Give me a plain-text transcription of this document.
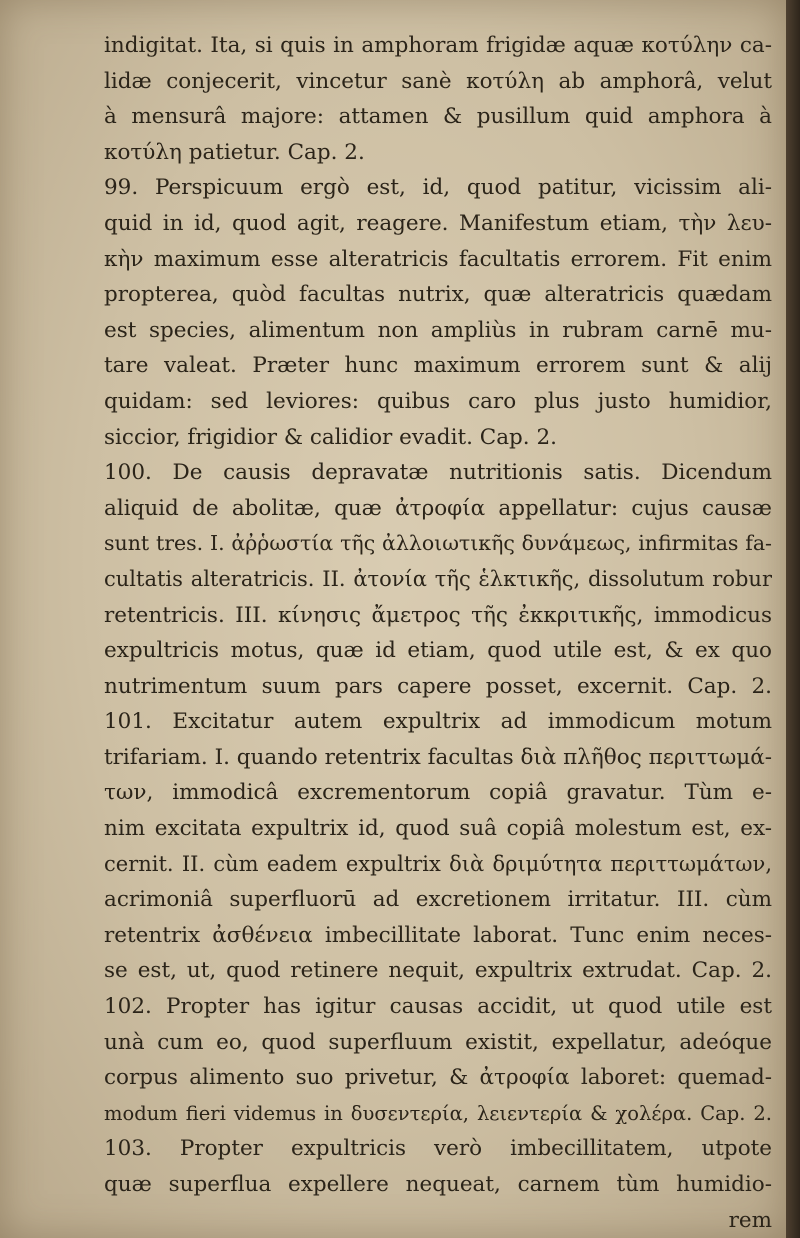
indigitat. Ita, si quis in amphoram frigidæ aquæ κοτύλην ca-
lidæ conjecerit, vincetur sanè κοτύλη ab amphorâ, velut
à mensurâ majore: attamen & pusillum quid amphora à
κοτύλη patietur. Cap. 2.
99. Perspicuum ergò est, id, quod patitur, vicissim ali-
quid in id, quod agit, reagere. Manifestum etiam, τὴν λευ-
κὴν maximum esse alteratricis facultatis errorem. Fit enim
propterea, quòd facultas nutrix, quæ alteratricis quædam
est species, alimentum non ampliùs in rubram carnē mu-
tare valeat. Præter hunc maximum errorem sunt & alij
quidam: sed leviores: quibus caro plus justo humidior,
siccior, frigidior & calidior evadit. Cap. 2.
100. De causis depravatæ nutritionis satis. Dicendum
aliquid de abolitæ, quæ ἀτροφία appellatur: cujus causæ
sunt tres. I. ἀῤῥωστία τῆς ἀλλοιωτικῆς δυνάμεως, infirmitas fa-
cultatis alteratricis. II. ἀτονία τῆς ἑλκτικῆς, dissolutum robur
retentricis. III. κίνησις ἄμετρος τῆς ἐκκριτικῆς, immodicus
expultricis motus, quæ id etiam, quod utile est, & ex quo
nutrimentum suum pars capere posset, excernit. Cap. 2.
101. Excitatur autem expultrix ad immodicum motum
trifariam. I. quando retentrix facultas διὰ πλῆθος περιττωμά-
των, immodicâ excrementorum copiâ gravatur. Tùm e-
nim excitata expultrix id, quod suâ copiâ molestum est, ex-
cernit. II. cùm eadem expultrix διὰ δριμύτητα περιττωμάτων,
acrimoniâ superfluorū ad excretionem irritatur. III. cùm
retentrix ἀσθένεια imbecillitate laborat. Tunc enim neces-
se est, ut, quod retinere nequit, expultrix extrudat. Cap. 2.
102. Propter has igitur causas accidit, ut quod utile est
unà cum eo, quod superfluum existit, expellatur, adeóque
corpus alimento suo privetur, & ἀτροφία laboret: quemad-
modum fieri videmus in δυσεντερία, λειεντερία & χολέρα. Cap. 2.
103. Propter expultricis verò imbecillitatem, utpote
quæ superflua expellere nequeat, carnem tùm humidio-
rem
